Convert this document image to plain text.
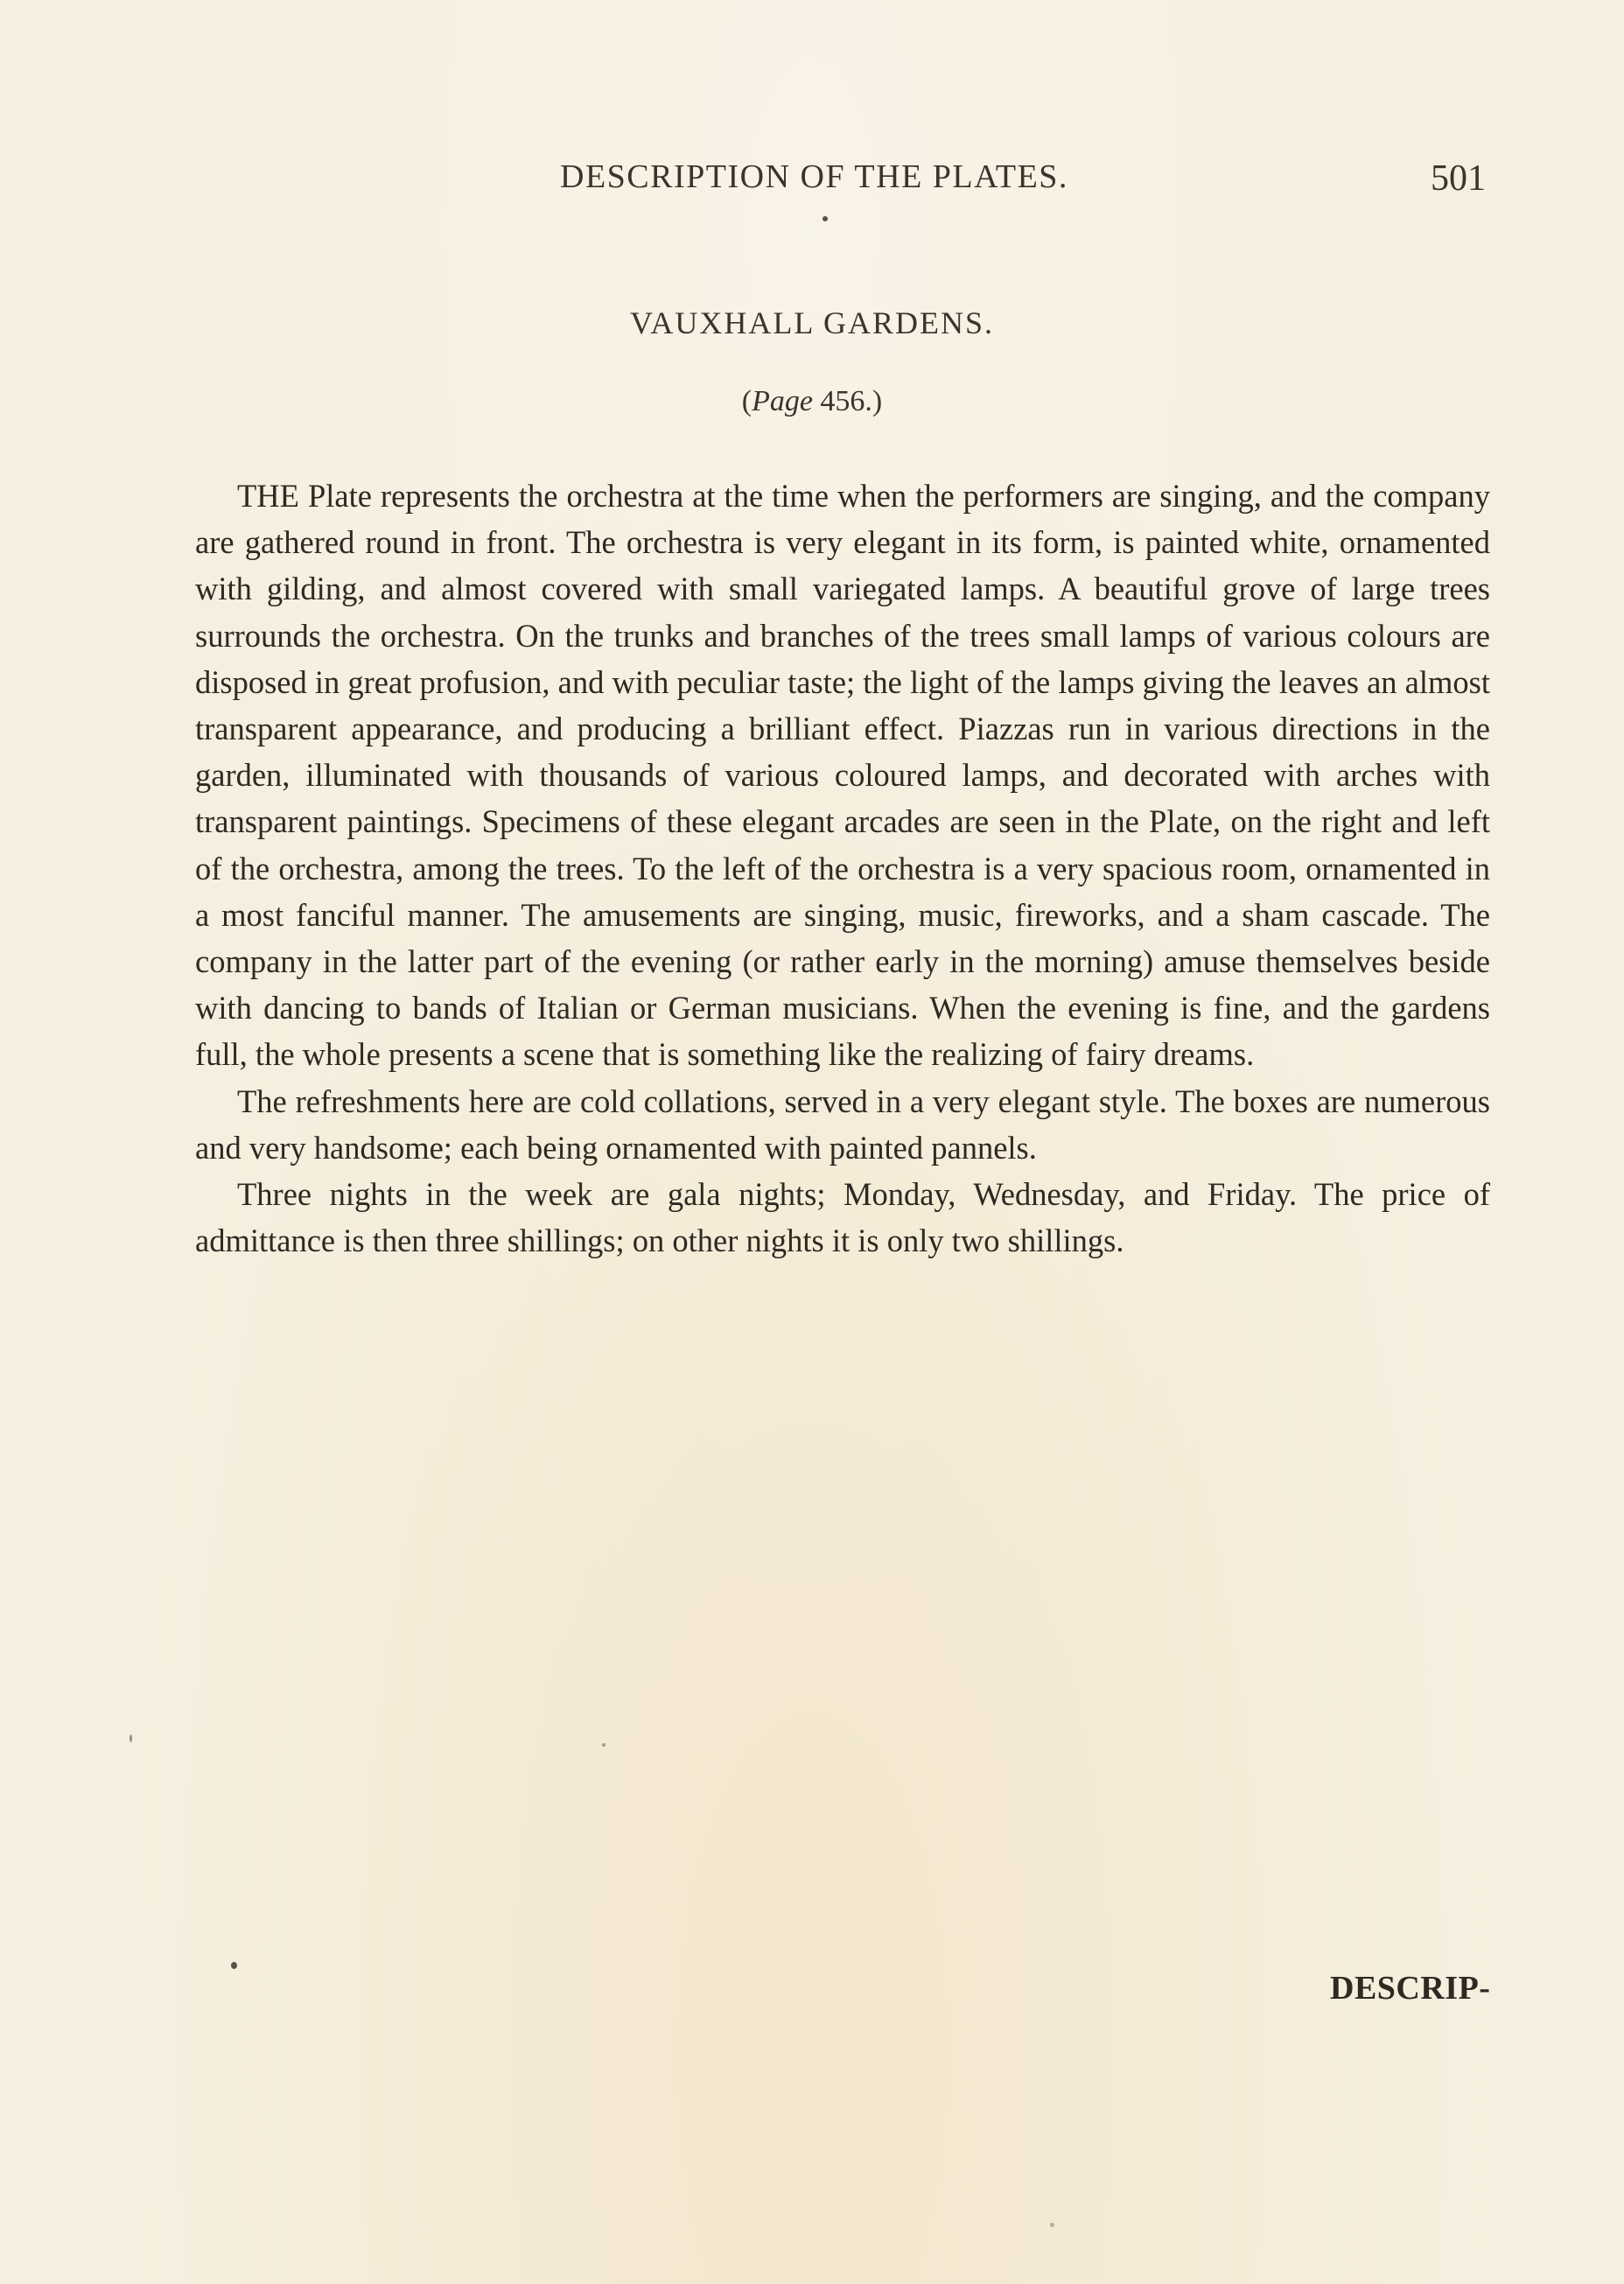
DESCRIPTION OF THE PLATES.	501
VAUXHALL GARDENS.
(Page 456.)

THE Plate represents the orchestra at the time when the performers are singing, and the company are gathered round in front. The orchestra is very elegant in its form, is painted white, ornamented with gilding, and almost covered with small variegated lamps. A beautiful grove of large trees surrounds the orchestra. On the trunks and branches of the trees small lamps of various colours are disposed in great profusion, and with peculiar taste; the light of the lamps giving the leaves an almost transparent appearance, and producing a brilliant effect. Piazzas run in various directions in the garden, illuminated with thousands of various coloured lamps, and decorated with arches with transparent paintings. Specimens of these elegant arcades are seen in the Plate, on the right and left of the orchestra, among the trees. To the left of the orchestra is a very spacious room, ornamented in a most fanciful manner. The amusements are singing, music, fireworks, and a sham cascade. The company in the latter part of the evening (or rather early in the morning) amuse themselves beside with dancing to bands of Italian or German musicians. When the evening is fine, and the gardens full, the whole presents a scene that is something like the realizing of fairy dreams.

The refreshments here are cold collations, served in a very elegant style. The boxes are numerous and very handsome; each being ornamented with painted pannels.

Three nights in the week are gala nights; Monday, Wednesday, and Friday. The price of admittance is then three shillings; on other nights it is only two shillings.

DESCRIP-
